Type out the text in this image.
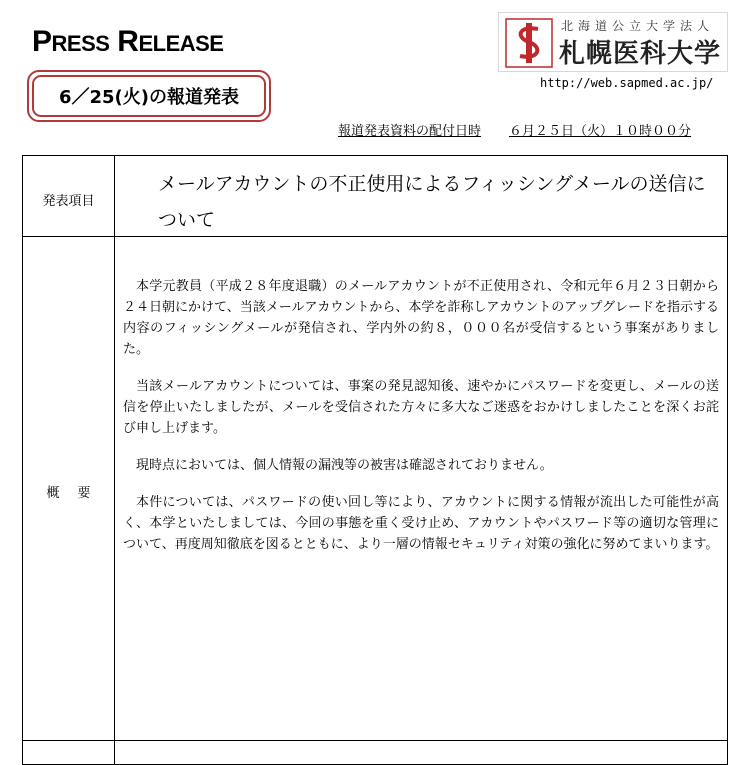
PRESS RELEASE
6／25(火)の報道発表
北海道公立大学法人
札幌医科大学
http://web.sapmed.ac.jp/
報道発表資料の配付日時 ６月２５日（火）１０時００分
発表項目
メールアカウントの不正使用によるフィッシングメールの送信について
概要

本学元教員（平成２８年度退職）のメールアカウントが不正使用され、令和元年６月２３日朝から２４日朝にかけて、当該メールアカウントから、本学を詐称しアカウントのアップグレードを指示する内容のフィッシングメールが発信され、学内外の約８，０００名が受信するという事案がありました。

当該メールアカウントについては、事案の発見認知後、速やかにパスワードを変更し、メールの送信を停止いたしましたが、メールを受信された方々に多大なご迷惑をおかけしましたことを深くお詫び申し上げます。

現時点においては、個人情報の漏洩等の被害は確認されておりません。

本件については、パスワードの使い回し等により、アカウントに関する情報が流出した可能性が高く、本学といたしましては、今回の事態を重く受け止め、アカウントやパスワード等の適切な管理について、再度周知徹底を図るとともに、より一層の情報セキュリティ対策の強化に努めてまいります。
